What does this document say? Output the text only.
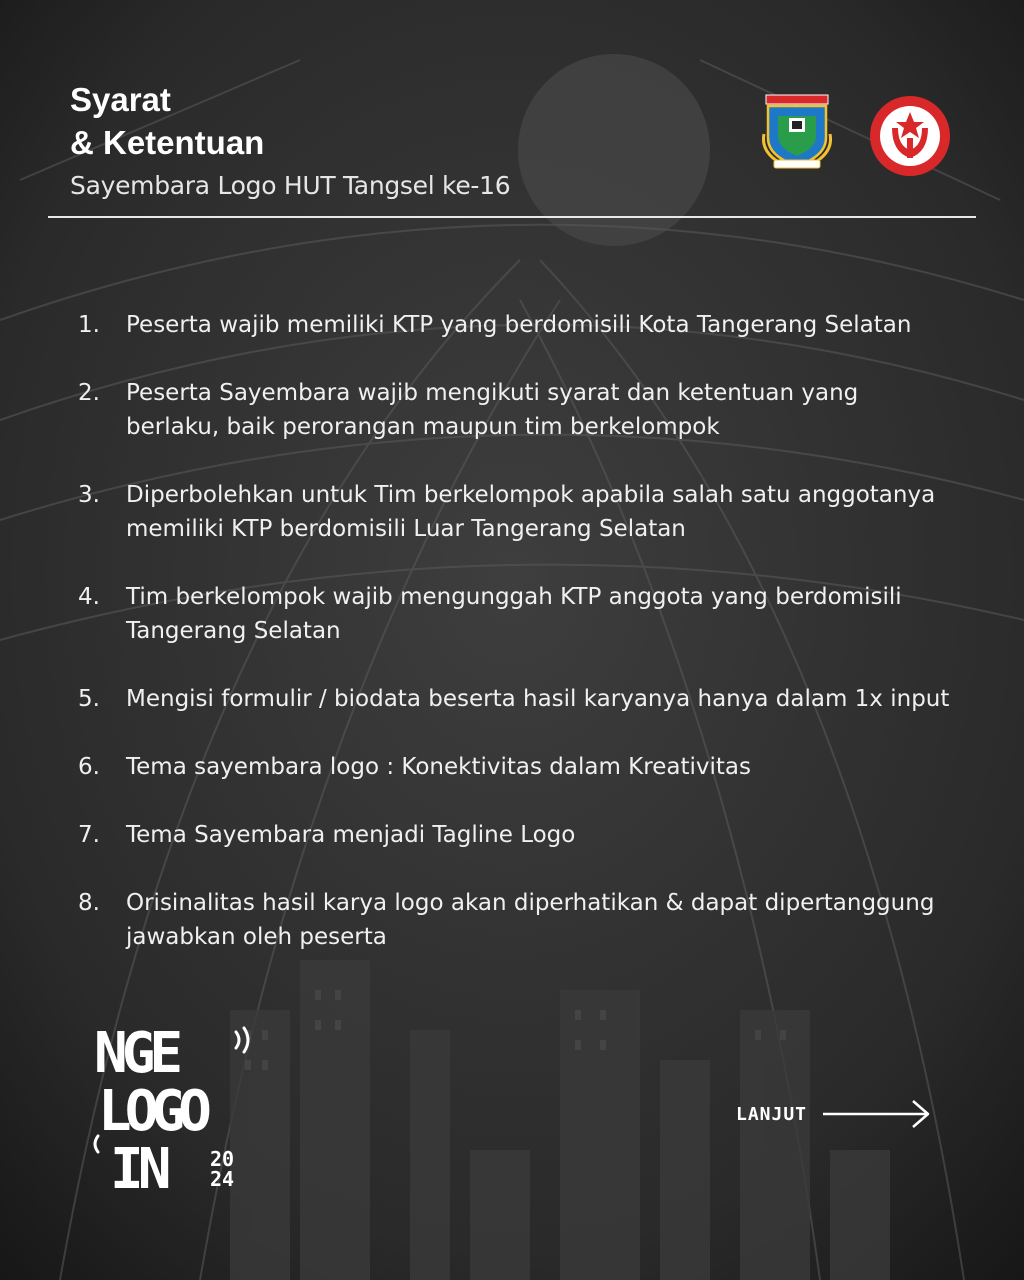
Syarat
& Ketentuan
Sayembara Logo HUT Tangsel ke-16
1.	Peserta wajib memiliki KTP yang berdomisili Kota Tangerang Selatan
2.	Peserta Sayembara wajib mengikuti syarat dan ketentuan yang berlaku, baik perorangan maupun tim berkelompok
3.	Diperbolehkan untuk Tim berkelompok apabila salah satu anggotanya memiliki KTP berdomisili Luar Tangerang Selatan
4.	Tim berkelompok wajib mengunggah KTP anggota yang berdomisili Tangerang Selatan
5.	Mengisi formulir / biodata beserta hasil karyanya hanya dalam 1x input
6.	Tema sayembara logo : Konektivitas dalam Kreativitas
7.	Tema Sayembara menjadi Tagline Logo
8.	Orisinalitas hasil karya logo akan diperhatikan & dapat dipertanggung jawabkan oleh peserta
NGE
LOGO
IN 20
24
LANJUT
